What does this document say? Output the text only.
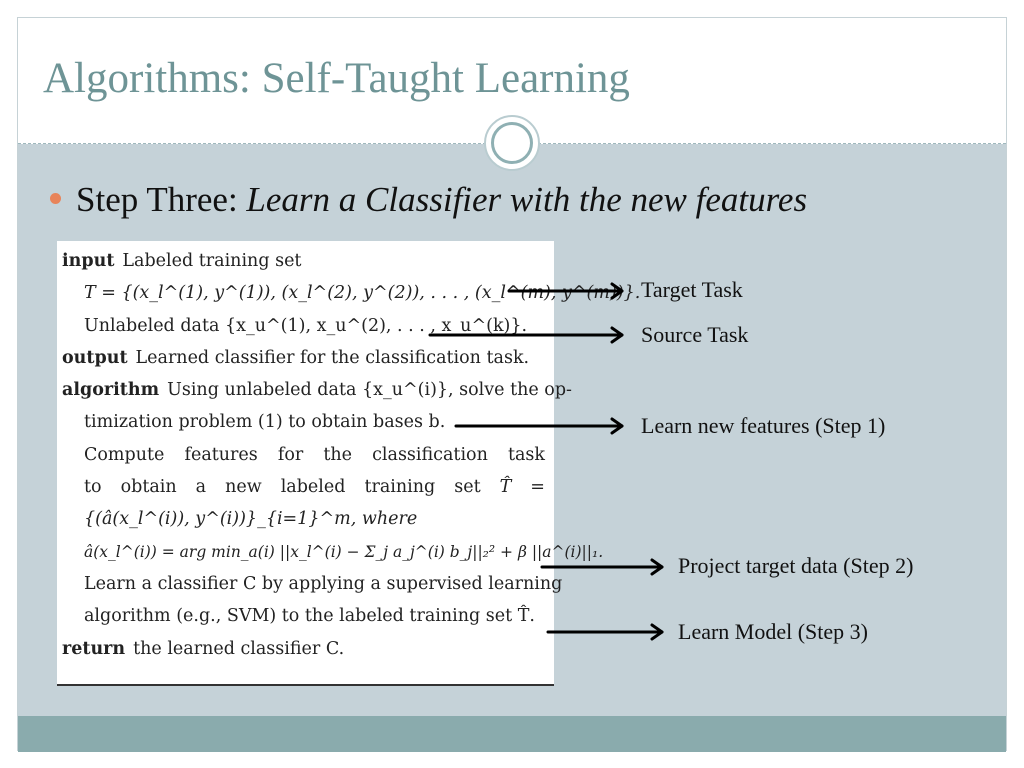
Algorithms: Self-Taught Learning
Step Three: Learn a Classifier with the new features
input Labeled training set
T = {(x_l^(1), y^(1)), (x_l^(2), y^(2)), . . . , (x_l^(m), y^(m))}.
Unlabeled data {x_u^(1), x_u^(2), . . . , x_u^(k)}.
output Learned classifier for the classification task.
algorithm Using unlabeled data {x_u^(i)}, solve the op-
timization problem (1) to obtain bases b.
Compute features for the classification task
to obtain a new labeled training set T̂ =
{(â(x_l^(i)), y^(i))}_{i=1}^m, where
â(x_l^(i)) = arg min_a(i) ||x_l^(i) − Σ_j a_j^(i) b_j||₂² + β ||a^(i)||₁.
Learn a classifier C by applying a supervised learning
algorithm (e.g., SVM) to the labeled training set T̂.
return the learned classifier C.
Target Task
Source Task
Learn new features (Step 1)
Project target data (Step 2)
Learn Model (Step 3)
